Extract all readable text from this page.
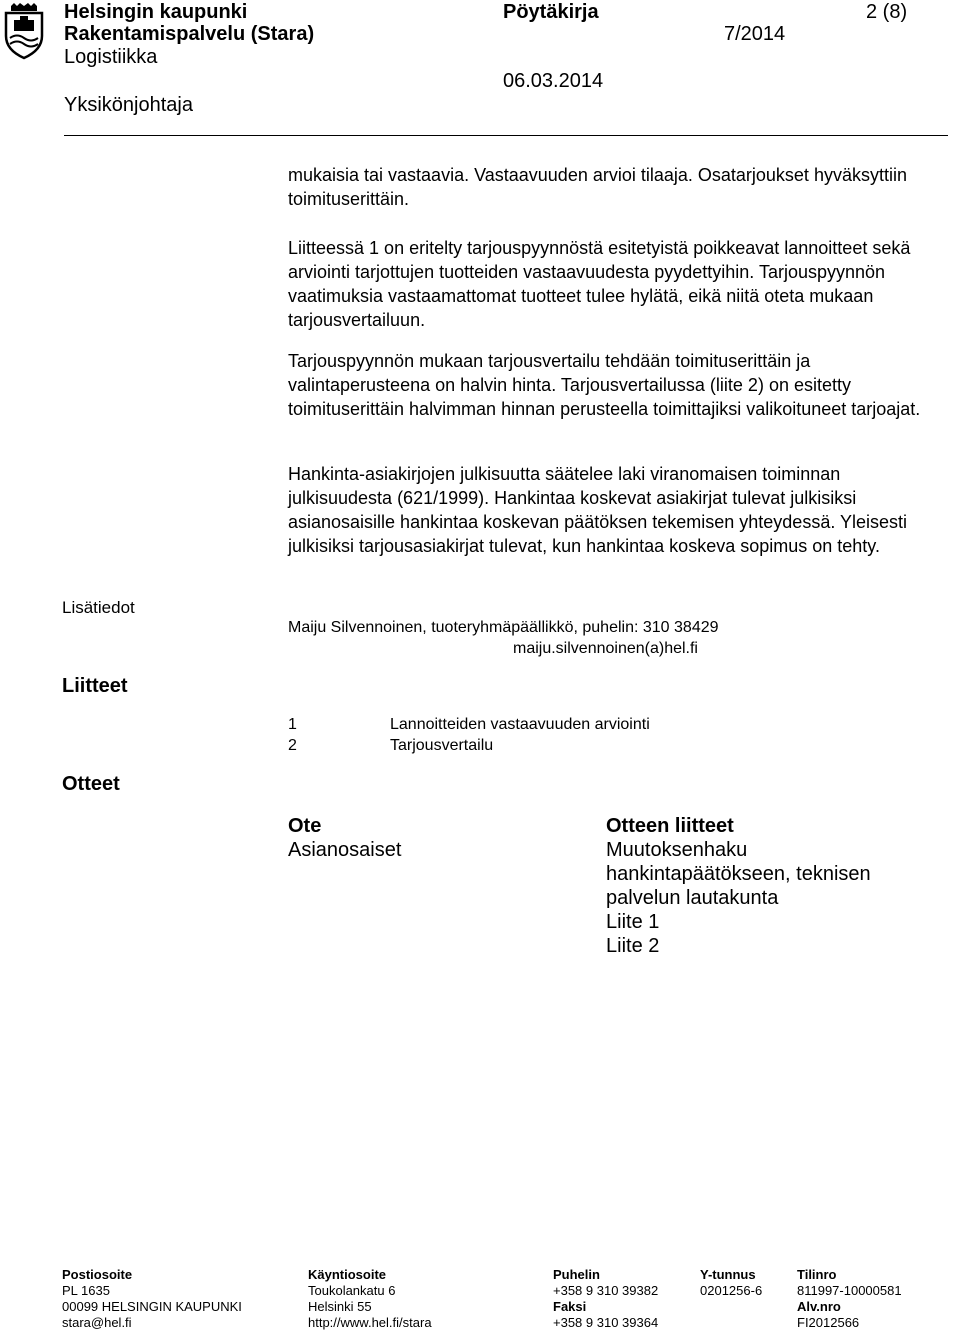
Helsingin kaupunki
Rakentamispalvelu (Stara)
Logistiikka
Yksikönjohtaja
Pöytäkirja
7/2014
06.03.2014
2 (8)

mukaisia tai vastaavia. Vastaavuuden arvioi tilaaja. Osatarjoukset hyväksyttiin toimituserittäin.

Liitteessä 1 on eritelty tarjouspyynnöstä esitetyistä poikkeavat lannoitteet sekä arviointi tarjottujen tuotteiden vastaavuudesta pyydettyihin. Tarjouspyynnön vaatimuksia vastaamattomat tuotteet tulee hylätä, eikä niitä oteta mukaan tarjousvertailuun.

Tarjouspyynnön mukaan tarjousvertailu tehdään toimituserittäin ja valintaperusteena on halvin hinta. Tarjousvertailussa (liite 2) on esitetty toimituserittäin halvimman hinnan perusteella toimittajiksi valikoituneet tarjoajat.

Hankinta-asiakirjojen julkisuutta säätelee laki viranomaisen toiminnan julkisuudesta (621/1999). Hankintaa koskevat asiakirjat tulevat julkisiksi asianosaisille hankintaa koskevan päätöksen tekemisen yhteydessä. Yleisesti julkisiksi tarjousasiakirjat tulevat, kun hankintaa koskeva sopimus on tehty.

Lisätiedot
Maiju Silvennoinen, tuoteryhmäpäällikkö, puhelin: 310 38429
maiju.silvennoinen(a)hel.fi
Liitteet
1	Lannoitteiden vastaavuuden arviointi
2	Tarjousvertailu
Otteet
Ote
Asianosaiset
Otteen liitteet
Muutoksenhaku
hankintapäätökseen, teknisen
palvelun lautakunta
Liite 1
Liite 2
Postiosoite
PL 1635
00099 HELSINGIN KAUPUNKI
stara@hel.fi
Käyntiosoite
Toukolankatu 6
Helsinki 55
http://www.hel.fi/stara
Puhelin
+358 9 310 39382
Faksi
+358 9 310 39364
Y-tunnus
0201256-6
Tilinro
811997-10000581
Alv.nro
FI2012566
